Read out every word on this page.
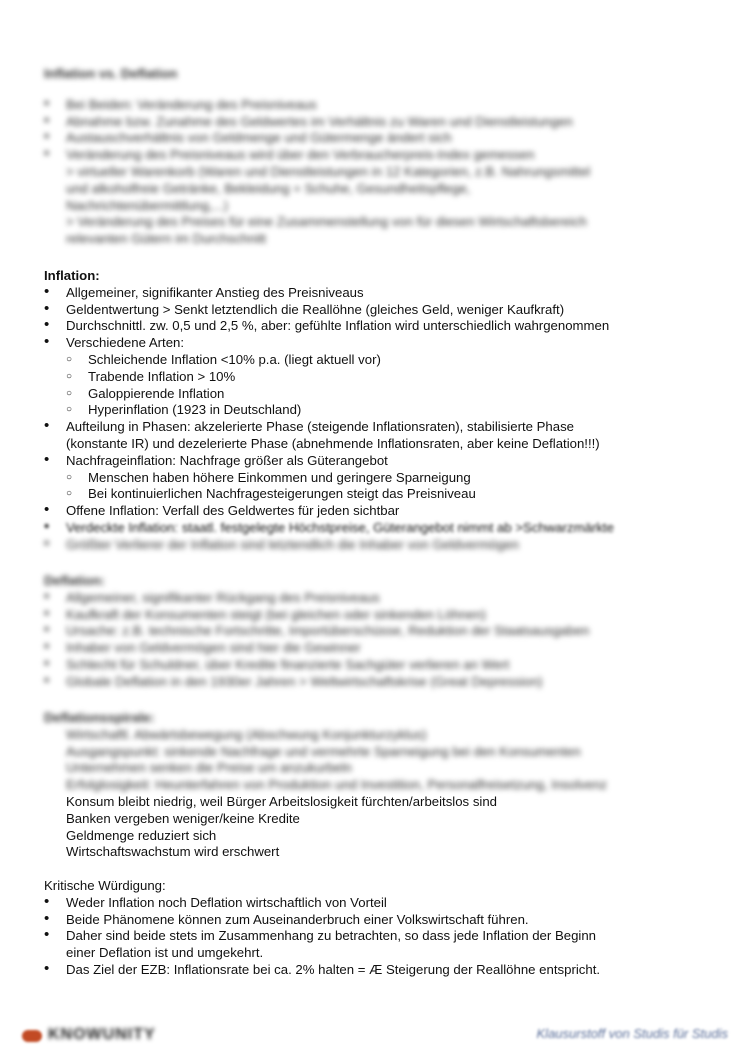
Inflation vs. Deflation
• Bei Beiden: Veränderung des Preisniveaus
• Abnahme bzw. Zunahme des Geldwertes im Verhältnis zu Waren und Dienstleistungen
• Austauschverhältnis von Geldmenge und Gütermenge ändert sich
• Veränderung des Preisniveaus wird über den Verbraucherpreis-Index gemessen
> virtueller Warenkorb (Waren und Dienstleistungen in 12 Kategorien, z.B. Nahrungsmittel
und alkoholfreie Getränke, Bekleidung + Schuhe, Gesundheitspflege,
Nachrichtenübermittlung,...)
> Veränderung des Preises für eine Zusammenstellung von für diesen Wirtschaftsbereich
relevanten Gütern im Durchschnitt
Inflation:
• Allgemeiner, signifikanter Anstieg des Preisniveaus
• Geldentwertung > Senkt letztendlich die Reallöhne (gleiches Geld, weniger Kaufkraft)
• Durchschnittl. zw. 0,5 und 2,5 %, aber: gefühlte Inflation wird unterschiedlich wahrgenommen
• Verschiedene Arten:
○ Schleichende Inflation <10% p.a. (liegt aktuell vor)
○ Trabende Inflation > 10%
○ Galoppierende Inflation
○ Hyperinflation (1923 in Deutschland)
• Aufteilung in Phasen: akzelerierte Phase (steigende Inflationsraten), stabilisierte Phase
(konstante IR) und dezelerierte Phase (abnehmende Inflationsraten, aber keine Deflation!!!)
• Nachfrageinflation: Nachfrage größer als Güterangebot
○ Menschen haben höhere Einkommen und geringere Sparneigung
○ Bei kontinuierlichen Nachfragesteigerungen steigt das Preisniveau
• Offene Inflation: Verfall des Geldwertes für jeden sichtbar
• Verdeckte Inflation: staatl. festgelegte Höchstpreise, Güterangebot nimmt ab >Schwarzmärkte
• Größter Verlierer der Inflation sind letztendlich die Inhaber von Geldvermögen
Deflation:
• Allgemeiner, signifikanter Rückgang des Preisniveaus
• Kaufkraft der Konsumenten steigt (bei gleichen oder sinkenden Löhnen)
• Ursache: z.B. technische Fortschritte, Importüberschüsse, Reduktion der Staatsausgaben
• Inhaber von Geldvermögen sind hier die Gewinner
• Schlecht für Schuldner, über Kredite finanzierte Sachgüter verlieren an Wert
• Globale Deflation in den 1930er Jahren > Weltwirtschaftskrise (Great Depression)
Deflationsspirale:
Wirtschaftl. Abwärtsbewegung (Abschwung Konjunkturzyklus)
Ausgangspunkt: sinkende Nachfrage und vermehrte Sparneigung bei den Konsumenten
Unternehmen senken die Preise um anzukurbeln
Erfolglosigkeit: Heunterfahren von Produktion und Investition, Personalfreisetzung, Insolvenz
Konsum bleibt niedrig, weil Bürger Arbeitslosigkeit fürchten/arbeitslos sind
Banken vergeben weniger/keine Kredite
Geldmenge reduziert sich
Wirtschaftswachstum wird erschwert
Kritische Würdigung:
• Weder Inflation noch Deflation wirtschaftlich von Vorteil
• Beide Phänomene können zum Auseinanderbruch einer Volkswirtschaft führen.
• Daher sind beide stets im Zusammenhang zu betrachten, so dass jede Inflation der Beginn
einer Deflation ist und umgekehrt.
• Das Ziel der EZB: Inflationsrate bei ca. 2% halten = Æ Steigerung der Reallöhne entspricht.
KNOWUNITY	Klausurstoff von Studis für Studis
